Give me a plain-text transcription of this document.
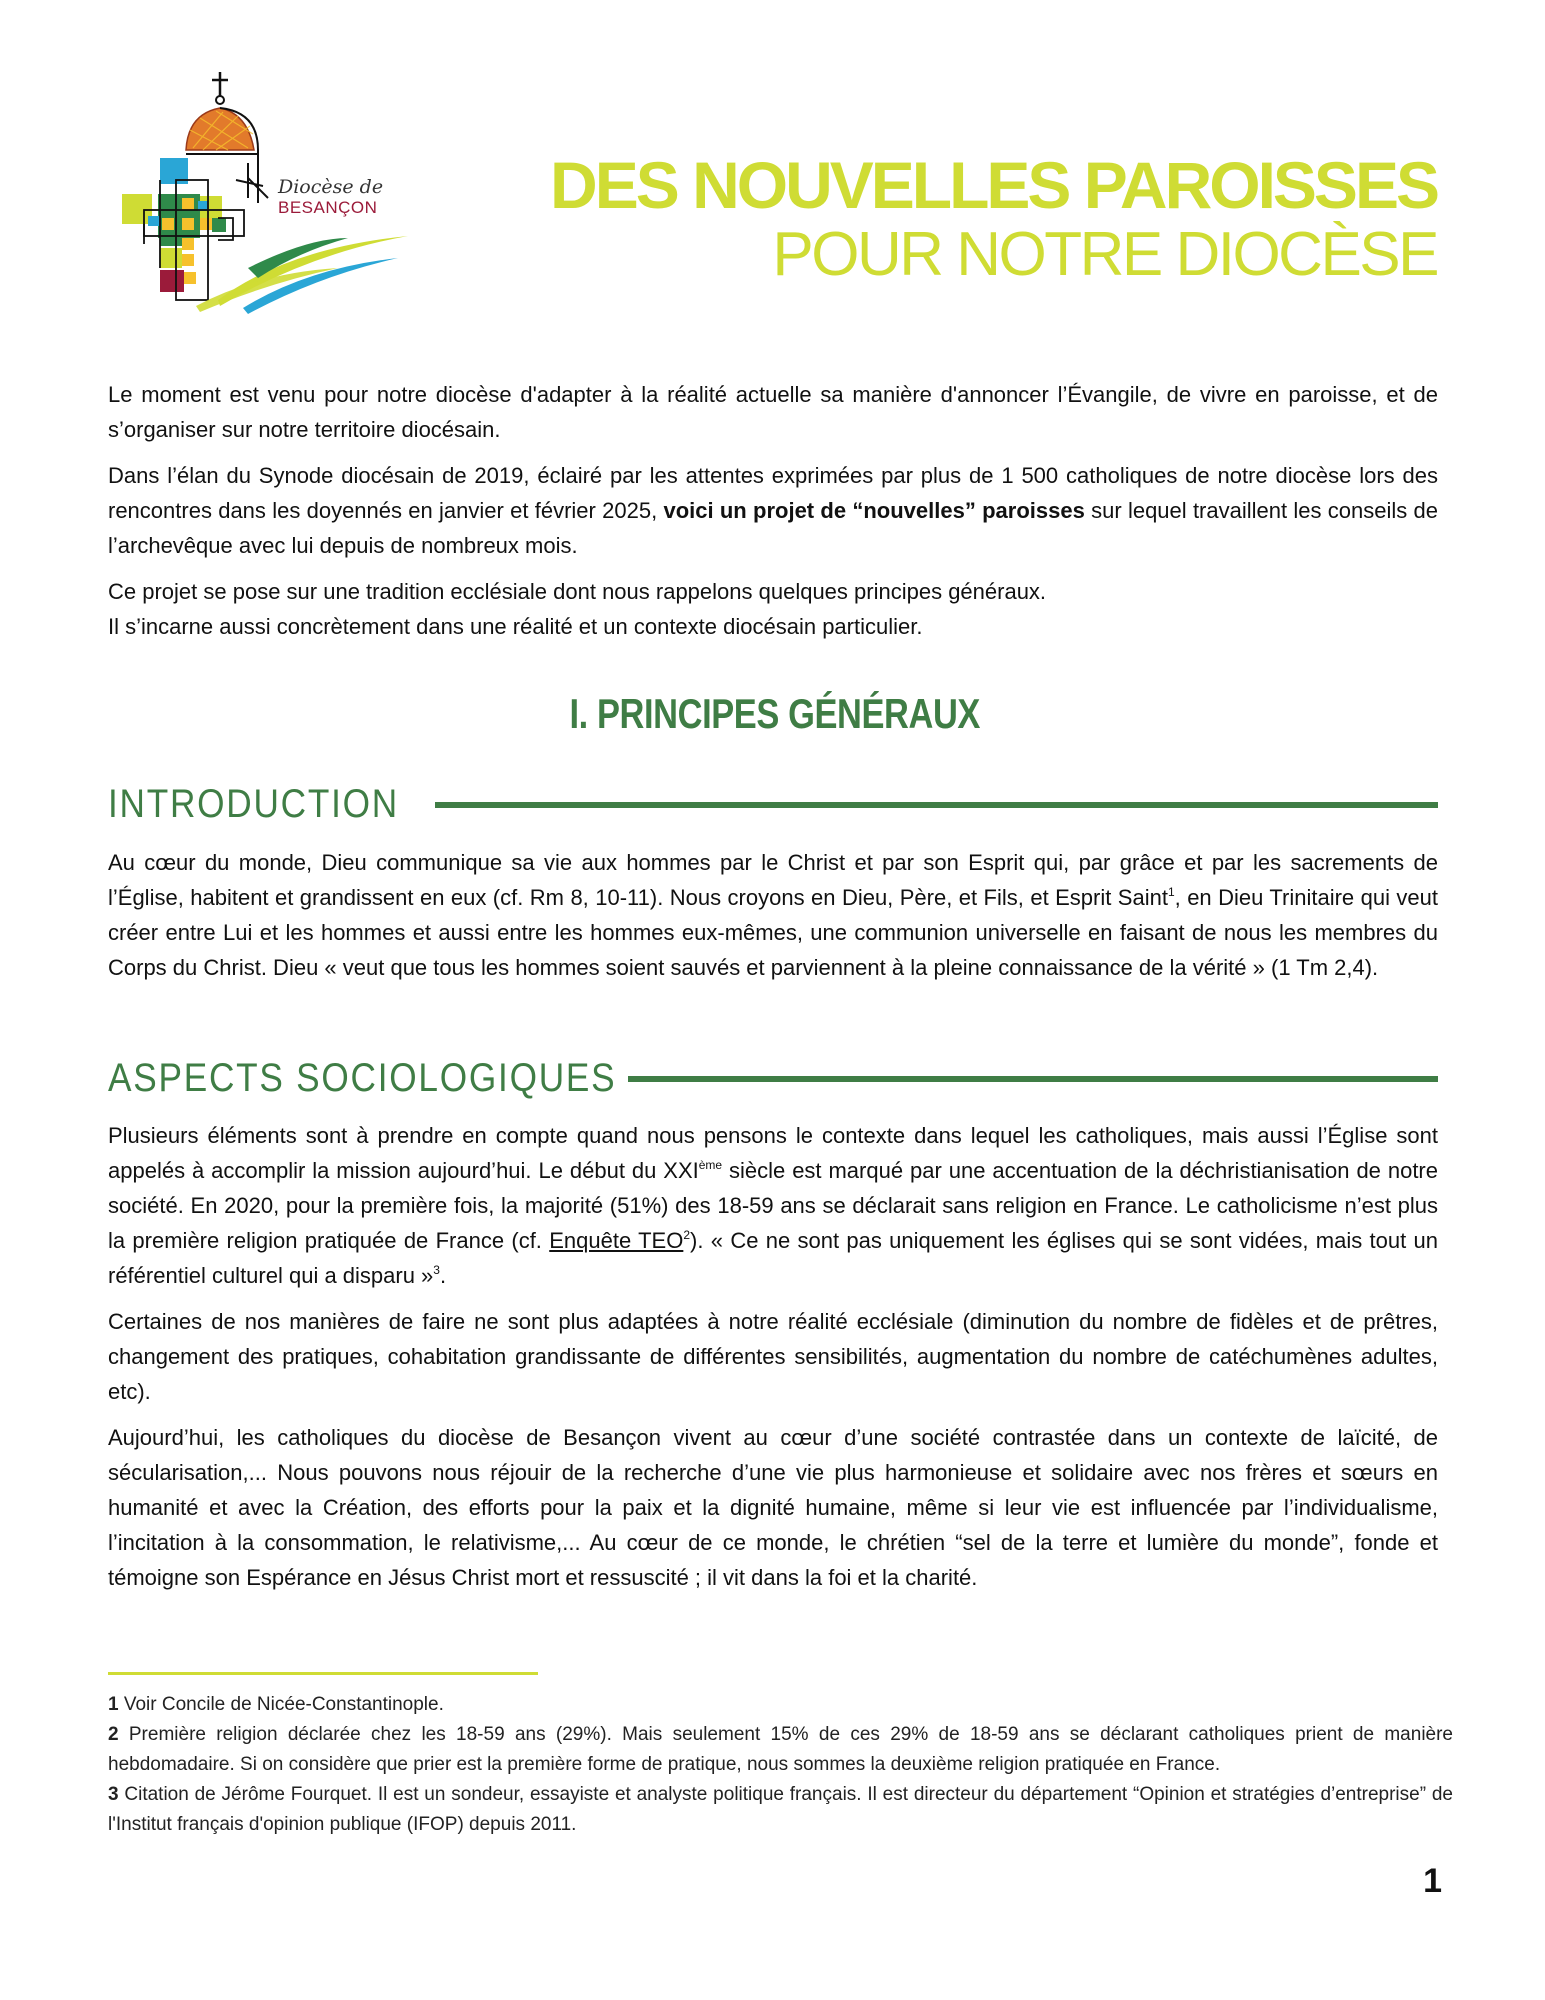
Diocèse de
BESANÇON	DES NOUVELLES PAROISSES
POUR NOTRE DIOCÈSE

Le moment est venu pour notre diocèse d'adapter à la réalité actuelle sa manière d'annoncer l’Évangile, de vivre en paroisse, et de s’organiser sur notre territoire diocésain.

Dans l’élan du Synode diocésain de 2019, éclairé par les attentes exprimées par plus de 1 500 catholiques de notre diocèse lors des rencontres dans les doyennés en janvier et février 2025, voici un projet de “nouvelles” paroisses sur lequel travaillent les conseils de l’archevêque avec lui depuis de nombreux mois.

Ce projet se pose sur une tradition ecclésiale dont nous rappelons quelques principes généraux.
Il s’incarne aussi concrètement dans une réalité et un contexte diocésain particulier.

I. PRINCIPES GÉNÉRAUX
INTRODUCTION

Au cœur du monde, Dieu communique sa vie aux hommes par le Christ et par son Esprit qui, par grâce et par les sacrements de l’Église, habitent et grandissent en eux (cf. Rm 8, 10-11). Nous croyons en Dieu, Père, et Fils, et Esprit Saint$^1$, en Dieu Trinitaire qui veut créer entre Lui et les hommes et aussi entre les hommes eux-mêmes, une communion universelle en faisant de nous les membres du Corps du Christ. Dieu « veut que tous les hommes soient sauvés et parviennent à la pleine connaissance de la vérité » (1 Tm 2,4).

ASPECTS SOCIOLOGIQUES

Plusieurs éléments sont à prendre en compte quand nous pensons le contexte dans lequel les catholiques, mais aussi l’Église sont appelés à accomplir la mission aujourd’hui. Le début du XXIème siècle est marqué par une accentuation de la déchristianisation de notre société. En 2020, pour la première fois, la majorité (51%) des 18-59 ans se déclarait sans religion en France. Le catholicisme n’est plus la première religion pratiquée de France (cf. Enquête TEO$^2$). « Ce ne sont pas uniquement les églises qui se sont vidées, mais tout un référentiel culturel qui a disparu »$^3$.

Certaines de nos manières de faire ne sont plus adaptées à notre réalité ecclésiale (diminution du nombre de fidèles et de prêtres, changement des pratiques, cohabitation grandissante de différentes sensibilités, augmentation du nombre de catéchumènes adultes, etc).

Aujourd’hui, les catholiques du diocèse de Besançon vivent au cœur d’une société contrastée dans un contexte de laïcité, de sécularisation,... Nous pouvons nous réjouir de la recherche d’une vie plus harmonieuse et solidaire avec nos frères et sœurs en humanité et avec la Création, des efforts pour la paix et la dignité humaine, même si leur vie est influencée par l’individualisme, l’incitation à la consommation, le relativisme,... Au cœur de ce monde, le chrétien “sel de la terre et lumière du monde”, fonde et témoigne son Espérance en Jésus Christ mort et ressuscité ; il vit dans la foi et la charité.

1 Voir Concile de Nicée-Constantinople.

2 Première religion déclarée chez les 18-59 ans (29%). Mais seulement 15% de ces 29% de 18-59 ans se déclarant catholiques prient de manière hebdomadaire. Si on considère que prier est la première forme de pratique, nous sommes la deuxième religion pratiquée en France.

3 Citation de Jérôme Fourquet. Il est un sondeur, essayiste et analyste politique français. Il est directeur du département “Opinion et stratégies d’entreprise” de l'Institut français d'opinion publique (IFOP) depuis 2011.

1
